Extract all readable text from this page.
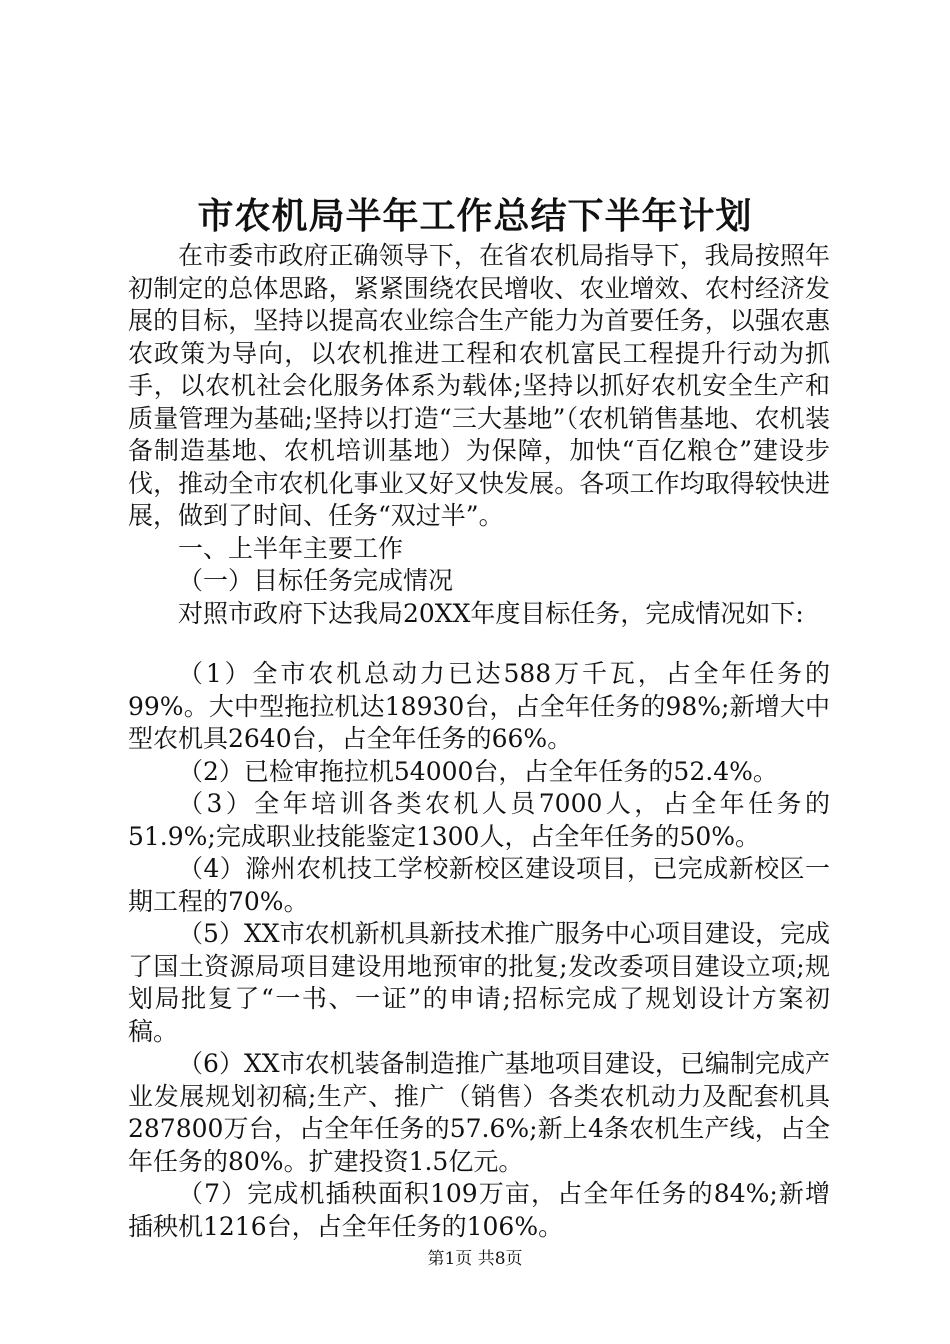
市农机局半年工作总结下半年计划

在市委市政府正确领导下，在省农机局指导下，我局按照年初制定的总体思路，紧紧围绕农民增收、农业增效、农村经济发展的目标，坚持以提高农业综合生产能力为首要任务，以强农惠农政策为导向，以农机推进工程和农机富民工程提升行动为抓手，以农机社会化服务体系为载体;坚持以抓好农机安全生产和质量管理为基础;坚持以打造“三大基地”（农机销售基地、农机装备制造基地、农机培训基地）为保障，加快“百亿粮仓”建设步伐，推动全市农机化事业又好又快发展。各项工作均取得较快进展，做到了时间、任务“双过半”。

一、上半年主要工作

（一）目标任务完成情况

对照市政府下达我局20XX年度目标任务，完成情况如下:

（1）全市农机总动力已达588万千瓦，占全年任务的99%。大中型拖拉机达18930台，占全年任务的98%;新增大中型农机具2640台，占全年任务的66%。

（2）已检审拖拉机54000台，占全年任务的52.4%。

（3）全年培训各类农机人员7000人，占全年任务的51.9%;完成职业技能鉴定1300人，占全年任务的50%。

（4）滁州农机技工学校新校区建设项目，已完成新校区一期工程的70%。

（5）XX市农机新机具新技术推广服务中心项目建设，完成了国土资源局项目建设用地预审的批复;发改委项目建设立项;规划局批复了“一书、一证”的申请;招标完成了规划设计方案初稿。

（6）XX市农机装备制造推广基地项目建设，已编制完成产业发展规划初稿;生产、推广（销售）各类农机动力及配套机具287800万台，占全年任务的57.6%;新上4条农机生产线，占全年任务的80%。扩建投资1.5亿元。

（7）完成机插秧面积109万亩，占全年任务的84%;新增插秧机1216台，占全年任务的106%。

第1页 共8页
